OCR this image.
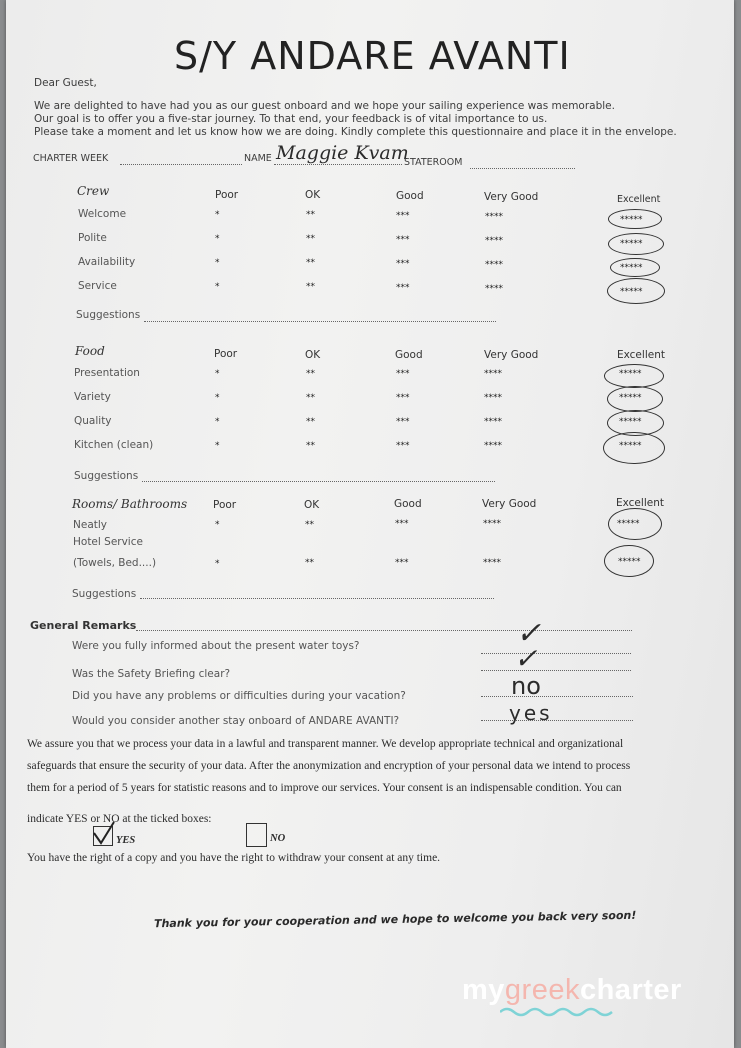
S/Y ANDARE AVANTI
Dear Guest,
We are delighted to have had you as our guest onboard and we hope your sailing experience was memorable.
Our goal is to offer you a five-star journey. To that end, your feedback is of vital importance to us.
Please take a moment and let us know how we are doing. Kindly complete this questionnaire and place it in the envelope.
CHARTER WEEK	NAME Maggie Kvam
STATEROOM
Crew	Poor	OK	Good	Very Good	Excellent
Welcome	*	**	***	****	*****
Polite	*	**	***	****	*****
Availability	*	**	***	****	*****
Service	*	**	***	****	*****
Suggestions
Food	Poor	OK	Good	Very Good	Excellent
Presentation	*	**	***	****	*****
Variety	*	**	***	****	*****
Quality	*	**	***	****	*****
Kitchen (clean)	*	**	***	****	*****
Suggestions
Rooms/ Bathrooms Poor	OK	Good	Very Good	Excellent
Neatly	*	**	***	****	*****
Hotel Service
(Towels, Bed....)	*	**	***	****	*****
Suggestions
General Remarks
Were you fully informed about the present water toys?	✓
Was the Safety Briefing clear?	✓
Did you have any problems or difficulties during your vacation?	no
Would you consider another stay onboard of ANDARE AVANTI?	yes
We assure you that we process your data in a lawful and transparent manner. We develop appropriate technical and organizational
safeguards that ensure the security of your data. After the anonymization and encryption of your personal data we intend to process
them for a period of 5 years for statistic reasons and to improve our services. Your consent is an indispensable condition. You can
indicate YES or NO at the ticked boxes:
YES	NO
You have the right of a copy and you have the right to withdraw your consent at any time.
Thank you for your cooperation and we hope to welcome you back very soon!
mygreekcharter
